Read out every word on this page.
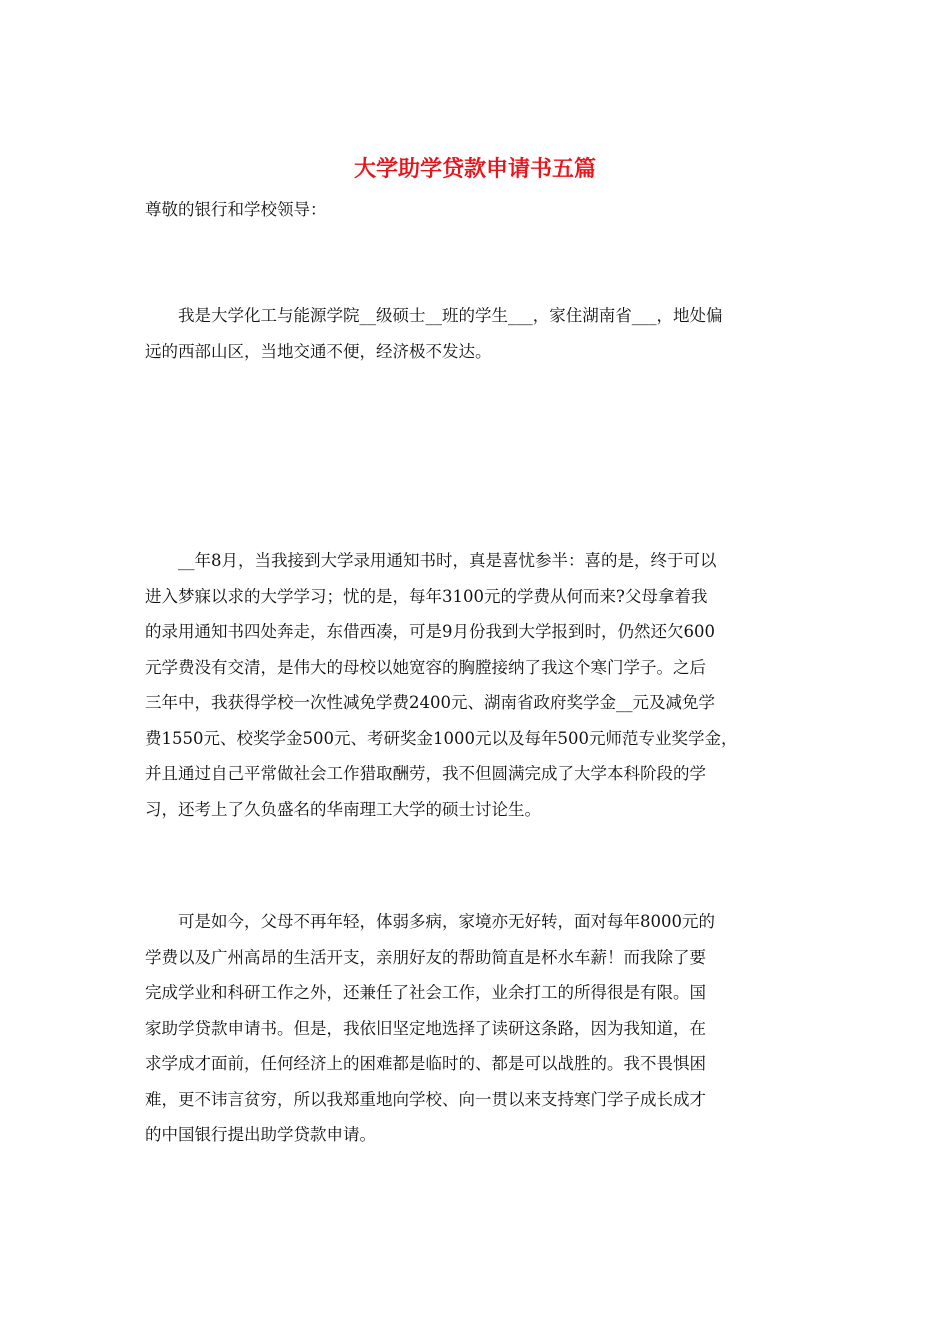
大学助学贷款申请书五篇
尊敬的银行和学校领导：
　　我是大学化工与能源学院__级硕士__班的学生___，家住湖南省___，地处偏
远的西部山区，当地交通不便，经济极不发达。
　　__年8月，当我接到大学录用通知书时，真是喜忧参半：喜的是，终于可以
进入梦寐以求的大学学习；忧的是，每年3100元的学费从何而来?父母拿着我
的录用通知书四处奔走，东借西凑，可是9月份我到大学报到时，仍然还欠600
元学费没有交清，是伟大的母校以她宽容的胸膛接纳了我这个寒门学子。之后
三年中，我获得学校一次性减免学费2400元、湖南省政府奖学金__元及减免学
费1550元、校奖学金500元、考研奖金1000元以及每年500元师范专业奖学金，
并且通过自己平常做社会工作猎取酬劳，我不但圆满完成了大学本科阶段的学
习，还考上了久负盛名的华南理工大学的硕士讨论生。
　　可是如今，父母不再年轻，体弱多病，家境亦无好转，面对每年8000元的
学费以及广州高昂的生活开支，亲朋好友的帮助简直是杯水车薪！而我除了要
完成学业和科研工作之外，还兼任了社会工作，业余打工的所得很是有限。国
家助学贷款申请书。但是，我依旧坚定地选择了读研这条路，因为我知道，在
求学成才面前，任何经济上的困难都是临时的、都是可以战胜的。我不畏惧困
难，更不讳言贫穷，所以我郑重地向学校、向一贯以来支持寒门学子成长成才
的中国银行提出助学贷款申请。
